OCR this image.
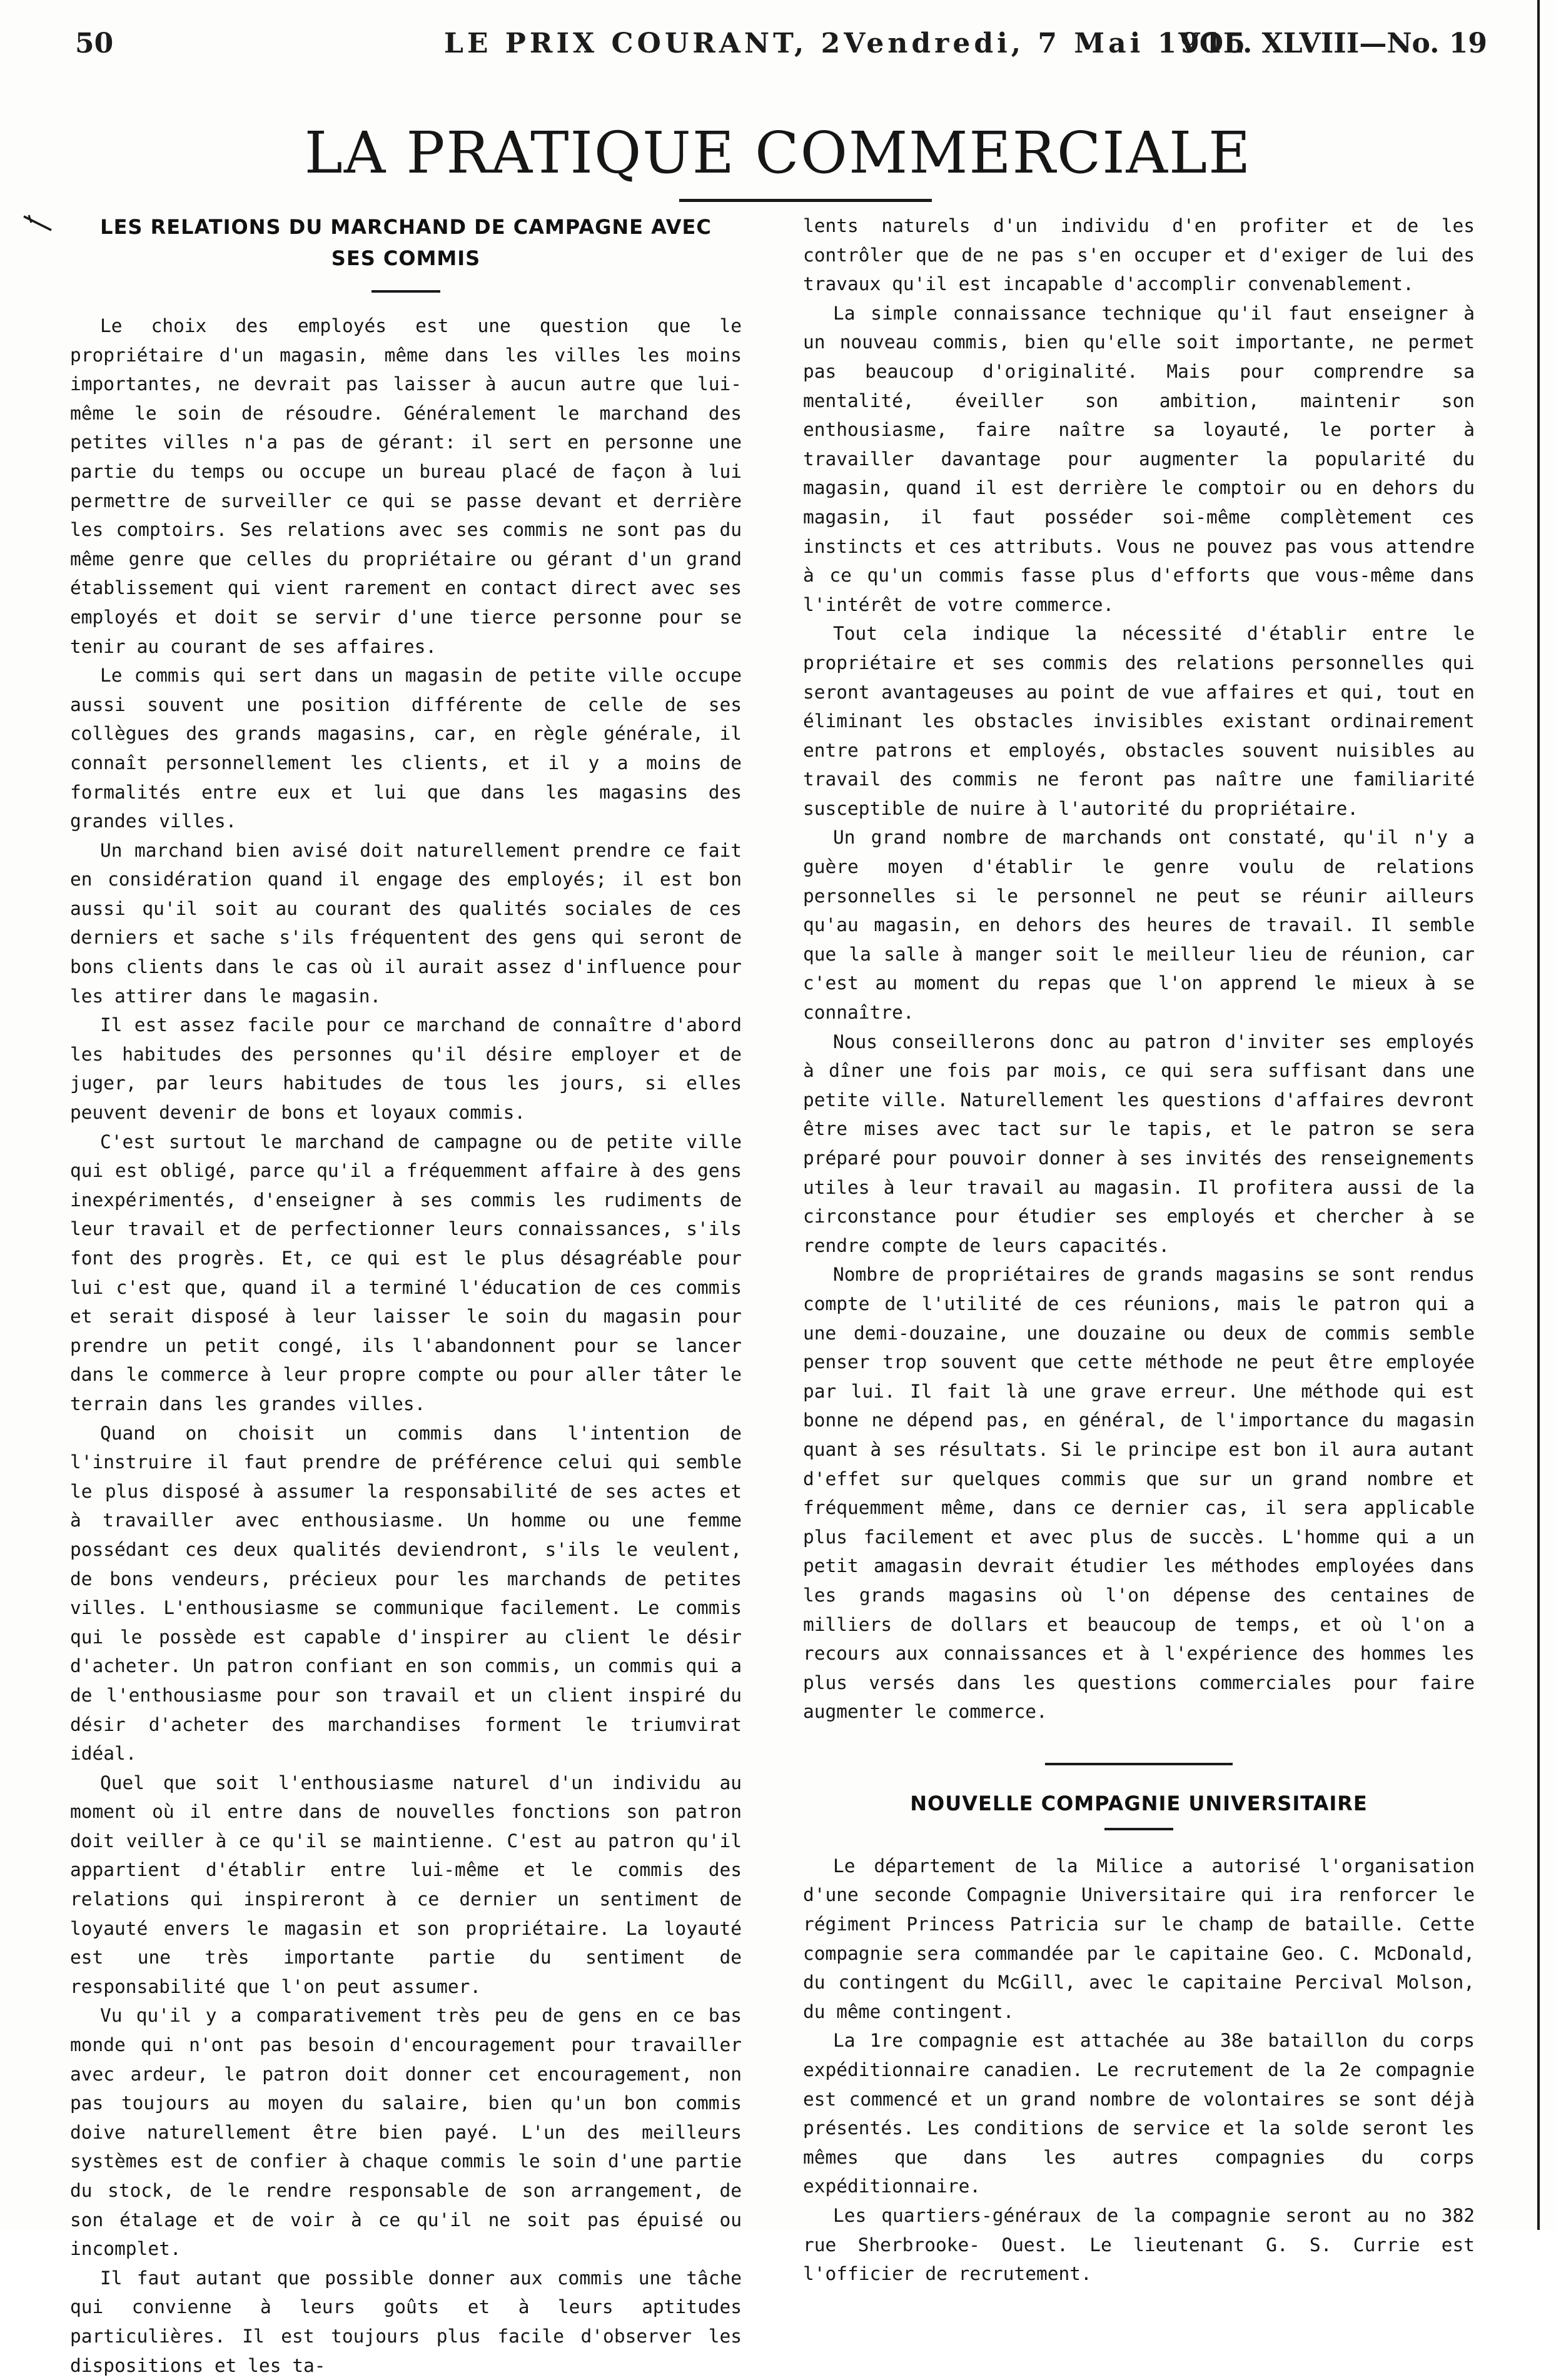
50	LE PRIX COURANT, 2Vendredi, 7 Mai 1915
VOL. XLVIII—No. 19
LA PRATIQUE COMMERCIALE
LES RELATIONS DU MARCHAND DE CAMPAGNE AVEC
SES COMMIS
Le choix des employés est une question que le propriétaire d'un magasin, même dans les villes les moins importantes, ne devrait pas laisser à aucun autre que lui-même le soin de résoudre. Généralement le marchand des petites villes n'a pas de gérant: il sert en personne une partie du temps ou occupe un bureau placé de façon à lui permettre de surveiller ce qui se passe devant et derrière les comptoirs. Ses relations avec ses commis ne sont pas du même genre que celles du propriétaire ou gérant d'un grand établissement qui vient rarement en contact direct avec ses employés et doit se servir d'une tierce personne pour se tenir au courant de ses affaires.
Le commis qui sert dans un magasin de petite ville occupe aussi souvent une position différente de celle de ses collègues des grands magasins, car, en règle générale, il connaît personnellement les clients, et il y a moins de formalités entre eux et lui que dans les magasins des grandes villes.
Un marchand bien avisé doit naturellement prendre ce fait en considération quand il engage des employés; il est bon aussi qu'il soit au courant des qualités sociales de ces derniers et sache s'ils fréquentent des gens qui seront de bons clients dans le cas où il aurait assez d'influence pour les attirer dans le magasin.
Il est assez facile pour ce marchand de connaître d'abord les habitudes des personnes qu'il désire employer et de juger, par leurs habitudes de tous les jours, si elles peuvent devenir de bons et loyaux commis.
C'est surtout le marchand de campagne ou de petite ville qui est obligé, parce qu'il a fréquemment affaire à des gens inexpérimentés, d'enseigner à ses commis les rudiments de leur travail et de perfectionner leurs connaissances, s'ils font des progrès. Et, ce qui est le plus désagréable pour lui c'est que, quand il a terminé l'éducation de ces commis et serait disposé à leur laisser le soin du magasin pour prendre un petit congé, ils l'abandonnent pour se lancer dans le commerce à leur propre compte ou pour aller tâter le terrain dans les grandes villes.
Quand on choisit un commis dans l'intention de l'instruire il faut prendre de préférence celui qui semble le plus disposé à assumer la responsabilité de ses actes et à travailler avec enthousiasme. Un homme ou une femme possédant ces deux qualités deviendront, s'ils le veulent, de bons vendeurs, précieux pour les marchands de petites villes. L'enthousiasme se communique facilement. Le commis qui le possède est capable d'inspirer au client le désir d'acheter. Un patron confiant en son commis, un commis qui a de l'enthousiasme pour son travail et un client inspiré du désir d'acheter des marchandises forment le triumvirat idéal.
Quel que soit l'enthousiasme naturel d'un individu au moment où il entre dans de nouvelles fonctions son patron doit veiller à ce qu'il se maintienne. C'est au patron qu'il appartient d'établir entre lui-même et le commis des relations qui inspireront à ce dernier un sentiment de loyauté envers le magasin et son propriétaire. La loyauté est une très importante partie du sentiment de responsabilité que l'on peut assumer.
Vu qu'il y a comparativement très peu de gens en ce bas monde qui n'ont pas besoin d'encouragement pour travailler avec ardeur, le patron doit donner cet encouragement, non pas toujours au moyen du salaire, bien qu'un bon commis doive naturellement être bien payé. L'un des meilleurs systèmes est de confier à chaque commis le soin d'une partie du stock, de le rendre responsable de son arrangement, de son étalage et de voir à ce qu'il ne soit pas épuisé ou incomplet.
Il faut autant que possible donner aux commis une tâche qui convienne à leurs goûts et à leurs aptitudes particulières. Il est toujours plus facile d'observer les dispositions et les ta-
lents naturels d'un individu d'en profiter et de les contrôler que de ne pas s'en occuper et d'exiger de lui des travaux qu'il est incapable d'accomplir convenablement.
La simple connaissance technique qu'il faut enseigner à un nouveau commis, bien qu'elle soit importante, ne permet pas beaucoup d'originalité. Mais pour comprendre sa mentalité, éveiller son ambition, maintenir son enthousiasme, faire naître sa loyauté, le porter à travailler davantage pour augmenter la popularité du magasin, quand il est derrière le comptoir ou en dehors du magasin, il faut posséder soi-même complètement ces instincts et ces attributs. Vous ne pouvez pas vous attendre à ce qu'un commis fasse plus d'efforts que vous-même dans l'intérêt de votre commerce.
Tout cela indique la nécessité d'établir entre le propriétaire et ses commis des relations personnelles qui seront avantageuses au point de vue affaires et qui, tout en éliminant les obstacles invisibles existant ordinairement entre patrons et employés, obstacles souvent nuisibles au travail des commis ne feront pas naître une familiarité susceptible de nuire à l'autorité du propriétaire.
Un grand nombre de marchands ont constaté, qu'il n'y a guère moyen d'établir le genre voulu de relations personnelles si le personnel ne peut se réunir ailleurs qu'au magasin, en dehors des heures de travail. Il semble que la salle à manger soit le meilleur lieu de réunion, car c'est au moment du repas que l'on apprend le mieux à se connaître.
Nous conseillerons donc au patron d'inviter ses employés à dîner une fois par mois, ce qui sera suffisant dans une petite ville. Naturellement les questions d'affaires devront être mises avec tact sur le tapis, et le patron se sera préparé pour pouvoir donner à ses invités des renseignements utiles à leur travail au magasin. Il profitera aussi de la circonstance pour étudier ses employés et chercher à se rendre compte de leurs capacités.
Nombre de propriétaires de grands magasins se sont rendus compte de l'utilité de ces réunions, mais le patron qui a une demi-douzaine, une douzaine ou deux de commis semble penser trop souvent que cette méthode ne peut être employée par lui. Il fait là une grave erreur. Une méthode qui est bonne ne dépend pas, en général, de l'importance du magasin quant à ses résultats. Si le principe est bon il aura autant d'effet sur quelques commis que sur un grand nombre et fréquemment même, dans ce dernier cas, il sera applicable plus facilement et avec plus de succès. L'homme qui a un petit amagasin devrait étudier les méthodes employées dans les grands magasins où l'on dépense des centaines de milliers de dollars et beaucoup de temps, et où l'on a recours aux connaissances et à l'expérience des hommes les plus versés dans les questions commerciales pour faire augmenter le commerce.
NOUVELLE COMPAGNIE UNIVERSITAIRE
Le département de la Milice a autorisé l'organisation d'une seconde Compagnie Universitaire qui ira renforcer le régiment Princess Patricia sur le champ de bataille. Cette compagnie sera commandée par le capitaine Geo. C. McDonald, du contingent du McGill, avec le capitaine Percival Molson, du même contingent.
La 1re compagnie est attachée au 38e bataillon du corps expéditionnaire canadien. Le recrutement de la 2e compagnie est commencé et un grand nombre de volontaires se sont déjà présentés. Les conditions de service et la solde seront les mêmes que dans les autres compagnies du corps expéditionnaire.
Les quartiers-généraux de la compagnie seront au no 382 rue Sherbrooke- Ouest. Le lieutenant G. S. Currie est l'officier de recrutement.
